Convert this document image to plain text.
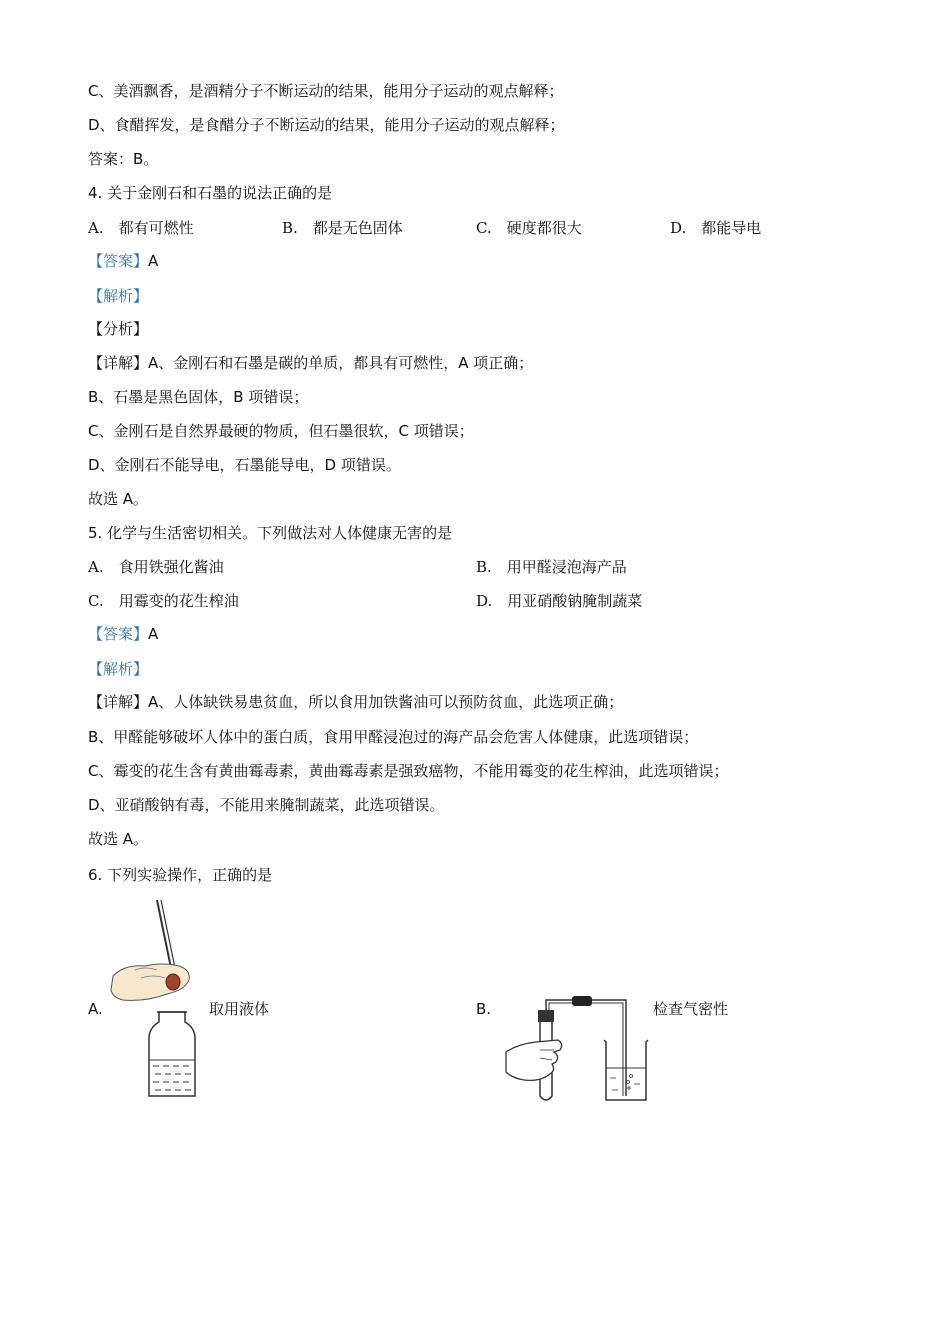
C、美酒飘香，是酒精分子不断运动的结果，能用分子运动的观点解释；
D、食醋挥发，是食醋分子不断运动的结果，能用分子运动的观点解释；
答案：B。
4. 关于金刚石和石墨的说法正确的是
A.　都有可燃性	B.　都是无色固体	C.　硬度都很大	D.　都能导电
【答案】A
【解析】
【分析】
【详解】A、金刚石和石墨是碳的单质，都具有可燃性，A 项正确；
B、石墨是黑色固体，B 项错误；
C、金刚石是自然界最硬的物质，但石墨很软，C 项错误；
D、金刚石不能导电，石墨能导电，D 项错误。
故选 A。
5. 化学与生活密切相关。下列做法对人体健康无害的是
A.　食用铁强化酱油	B.　用甲醛浸泡海产品
C.　用霉变的花生榨油	D.　用亚硝酸钠腌制蔬菜
【答案】A
【解析】
【详解】A、人体缺铁易患贫血，所以食用加铁酱油可以预防贫血，此选项正确；
B、甲醛能够破坏人体中的蛋白质，食用甲醛浸泡过的海产品会危害人体健康，此选项错误；
C、霉变的花生含有黄曲霉毒素，黄曲霉毒素是强致癌物，不能用霉变的花生榨油，此选项错误；
D、亚硝酸钠有毒，不能用来腌制蔬菜，此选项错误。
故选 A。
6. 下列实验操作，正确的是
A.	取用液体	B.	检查气密性
